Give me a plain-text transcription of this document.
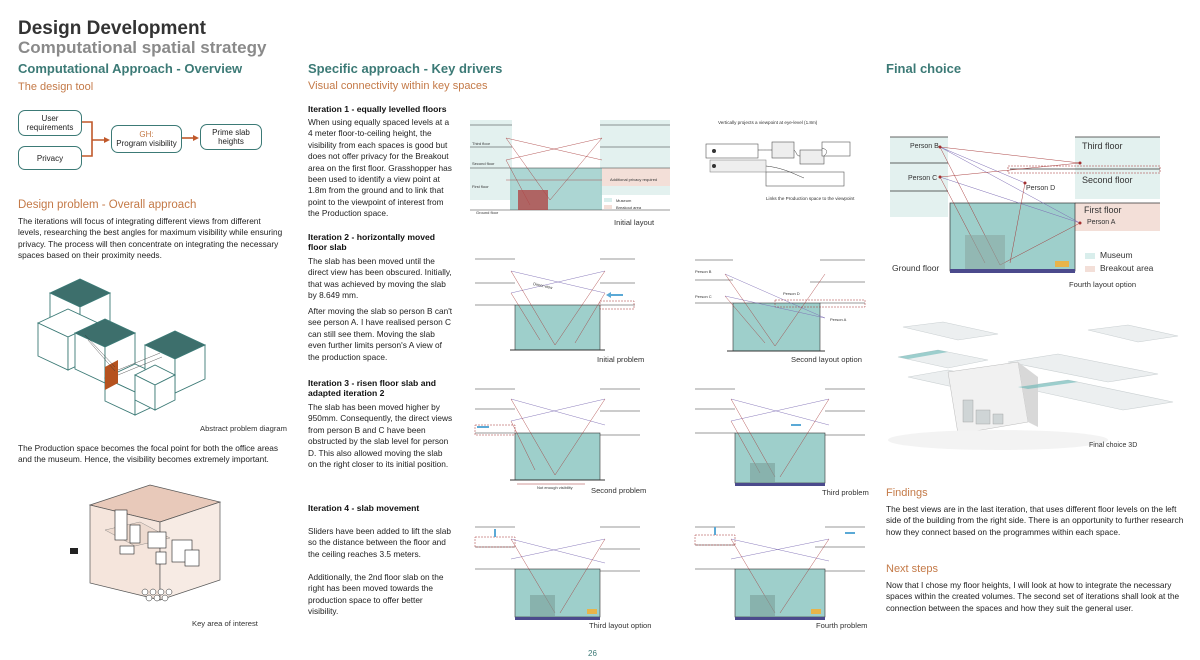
Design Development
Computational spatial strategy
Computational Approach - Overview
The design tool
User requirements
Privacy
GH:
Program visibility
Prime slab heights
Design problem - Overall approach
The iterations will focus of integrating different views from different levels, researching the best angles for maximum visibility while ensuring privacy. The process will then concentrate on integrating the necessary spaces based on their proximity needs.
Abstract problem diagram
The Production space becomes the focal point for both the office areas and the museum. Hence, the visibility becomes extremely important.
Key area of interest
Specific approach - Key drivers
Visual connectivity within key spaces
Iteration 1 - equally levelled floors
When using equally spaced levels at a 4 meter floor-to-ceiling height, the visibility from each spaces is good but does not offer privacy for the Breakout area on the first floor. Grasshopper has been used to identify a view point at 1.8m from the ground and to link that point to the viewpoint of interest from the Production space.
Iteration 2 - horizontally moved floor slab
The slab has been moved until the direct view has been obscured. Initially, that was achieved by moving the slab by 8.649 mm.
After moving the slab so person B can't see person A. I have realised person C can still see them. Moving the slab even further limits person's A view of the production space.
Iteration 3 - risen floor slab and adapted iteration 2
The slab has been moved higher by 950mm. Consequently, the direct views from person B and C have been obstructed by the slab level for person D. This also allowed moving the slab on the right closer to its initial position.
Iteration 4 - slab movement
Sliders have been added to lift the slab so the distance between the floor and the ceiling reaches 3.5 meters.
Additionally, the 2nd floor slab on the right has been moved towards the production space to offer better visibility.
Third floor
Second floor
First floor
Ground floor
Additional privacy required
Museum
Breakout area
Initial layout
Vertically projects a viewpoint at eye-level (1.8m)
Links the Production space to the viewpoint
Direct view
Initial problem
Person B
Person C
Person D
Person A
Second layout option
Not enough visibility Second problem	Third problem
Third layout option	Fourth problem
Final choice
Person B
Person C
Person D
Person A
Third floor
Second floor
First floor
Ground floor
Museum
Breakout area
Fourth layout option
Final choice 3D
Findings
The best views are in the last iteration, that uses different floor levels on the left side of the building from the right side. There is an opportunity to further research how they connect based on the programmes within each space.
Next steps
Now that I chose my floor heights, I will look at how to integrate the necessary spaces within the created volumes. The second set of iterations shall look at the connection between the spaces and how they suit the general user.
26
